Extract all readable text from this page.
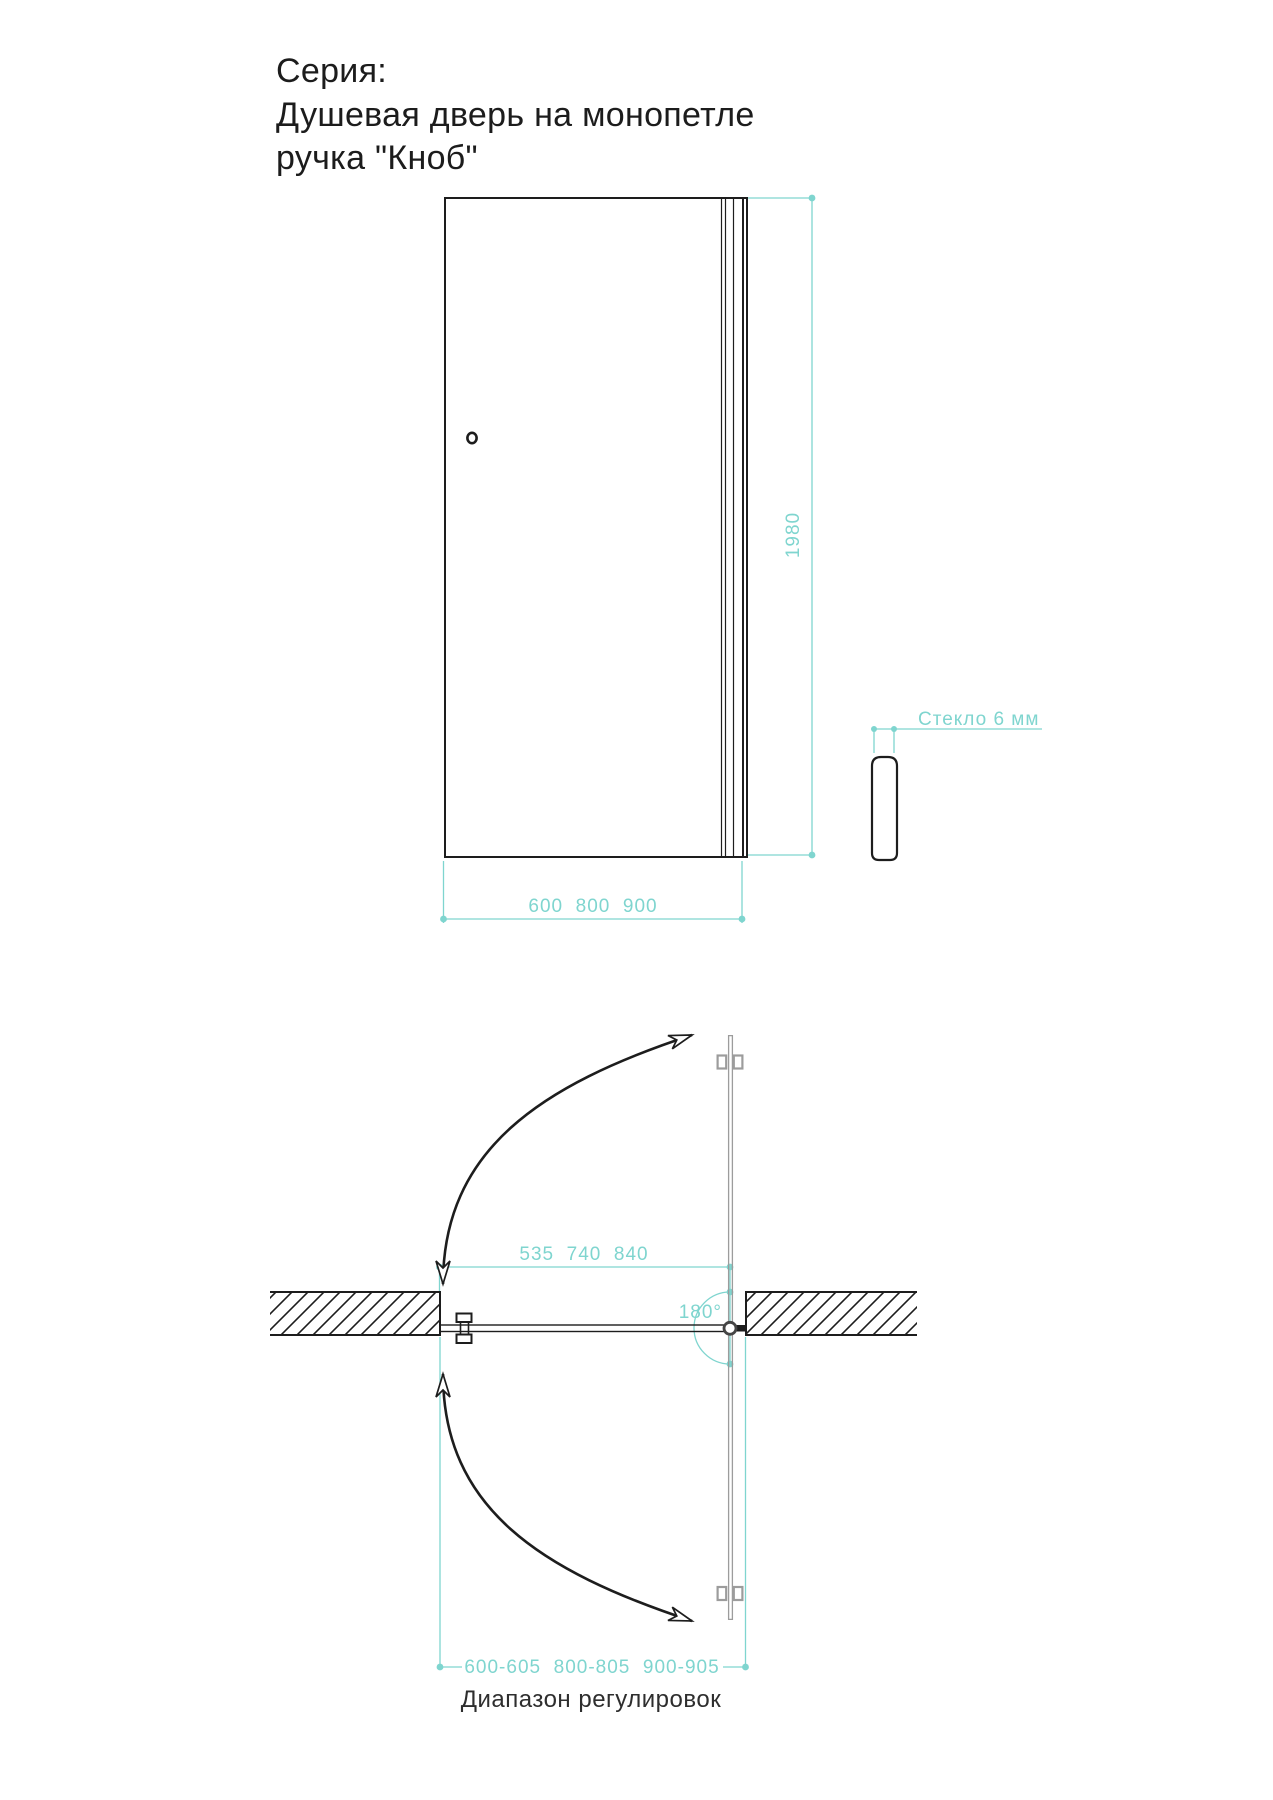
Серия:
Душевая дверь на монопетле
ручка "Кноб"
1980
600  800  900
Стекло 6 мм
535  740  840
180°
600-605  800-805  900-905
Диапазон регулировок
